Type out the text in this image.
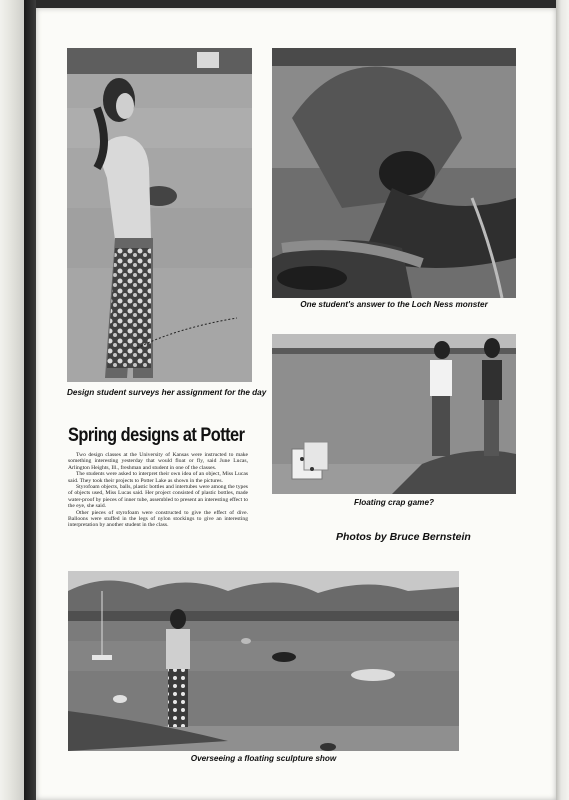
Design student surveys her assignment for the day
One student's answer to the Loch Ness monster
Floating crap game?
Spring designs at Potter

Two design classes at the University of Kansas were instructed to make something interesting yesterday that would float or fly, said June Lucas, Arlington Heights, Ill., freshman and student in one of the classes.

The students were asked to interpret their own idea of an object, Miss Lucas said. They took their projects to Potter Lake as shown in the pictures.

Styrofoam objects, balls, plastic bottles and intertubes were among the types of objects used, Miss Lucas said. Her project consisted of plastic bottles, made water-proof by pieces of inner tube, assembled to present an interesting effect to the eye, she said.

Other pieces of styrofoam were constructed to give the effect of dive. Balloons were stuffed in the legs of nylon stockings to give an interesting interpretation by another student in the class.

Photos by Bruce Bernstein
Overseeing a floating sculpture show
